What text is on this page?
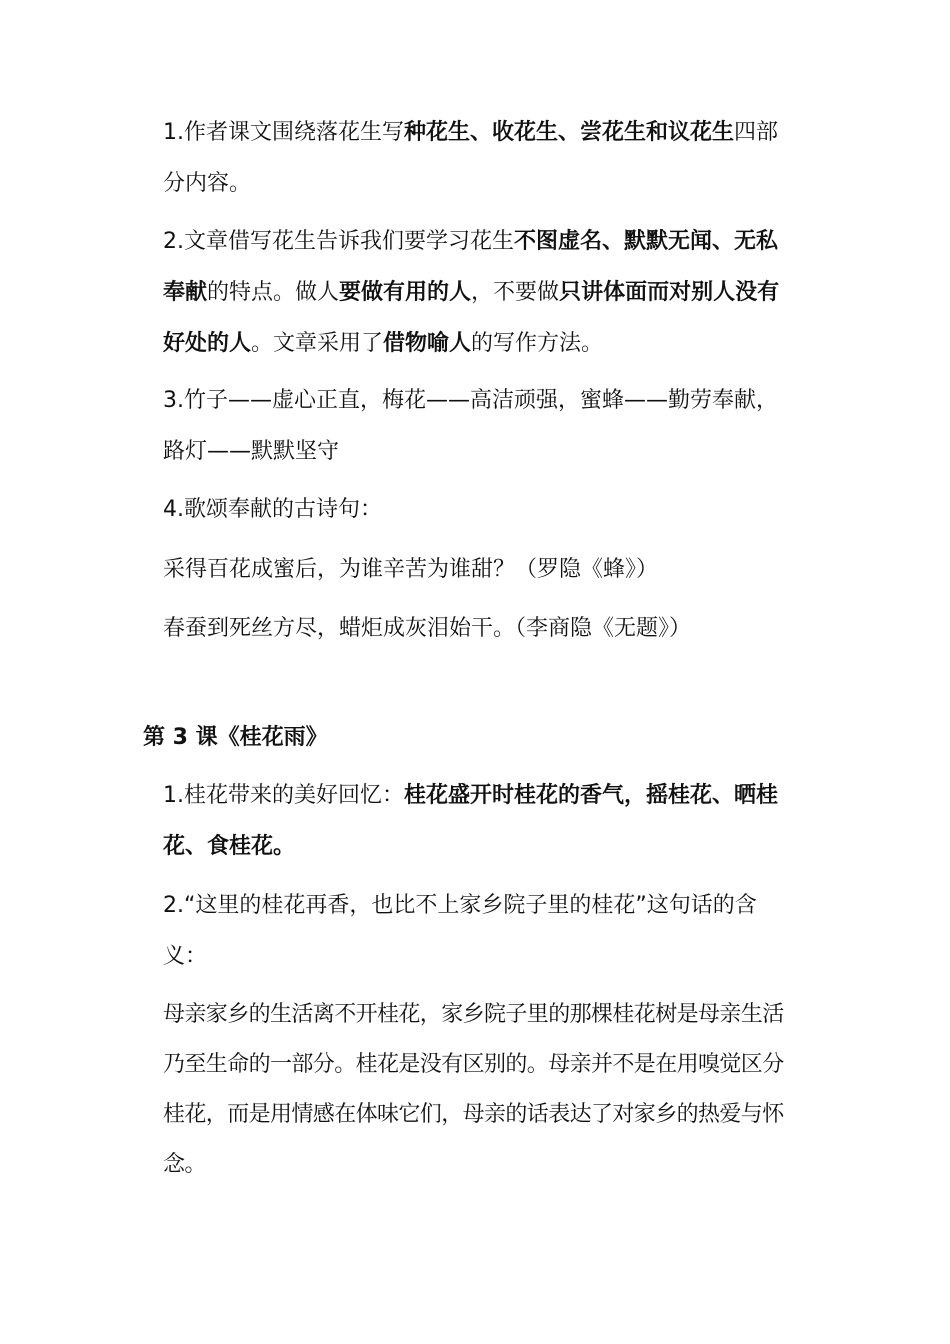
1.作者课文围绕落花生写种花生、收花生、尝花生和议花生四部分内容。

2.文章借写花生告诉我们要学习花生不图虚名、默默无闻、无私奉献的特点。做人要做有用的人，不要做只讲体面而对别人没有好处的人。文章采用了借物喻人的写作方法。

3.竹子——虚心正直，梅花——高洁顽强，蜜蜂——勤劳奉献，路灯——默默坚守

4.歌颂奉献的古诗句：

采得百花成蜜后，为谁辛苦为谁甜？（罗隐《蜂》）

春蚕到死丝方尽，蜡炬成灰泪始干。（李商隐《无题》）

第 3 课《桂花雨》

1.桂花带来的美好回忆：桂花盛开时桂花的香气，摇桂花、晒桂花、食桂花。

2.“这里的桂花再香，也比不上家乡院子里的桂花”这句话的含义：

母亲家乡的生活离不开桂花，家乡院子里的那棵桂花树是母亲生活乃至生命的一部分。桂花是没有区别的。母亲并不是在用嗅觉区分桂花，而是用情感在体味它们，母亲的话表达了对家乡的热爱与怀念。
